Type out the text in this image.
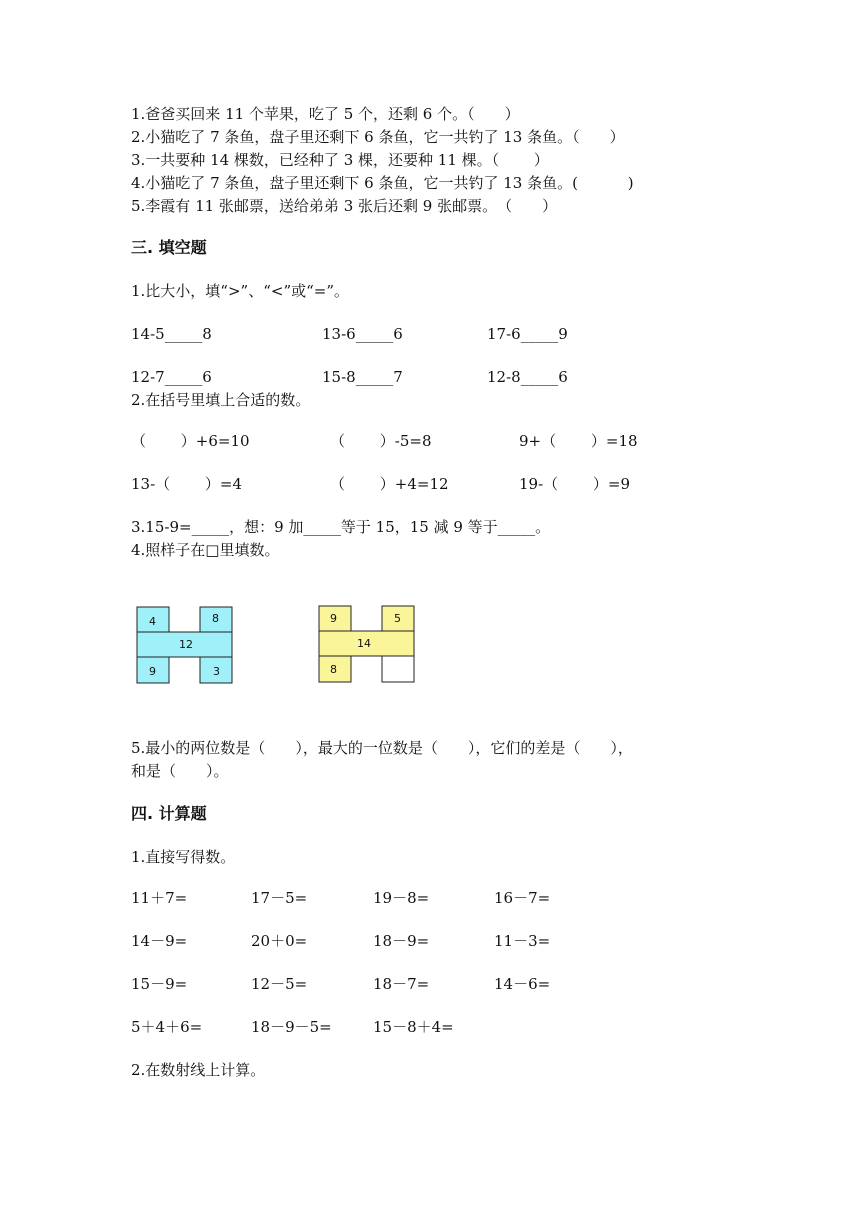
1.爸爸买回来 11 个苹果，吃了 5 个，还剩 6 个。（　　）
2.小猫吃了 7 条鱼，盘子里还剩下 6 条鱼，它一共钓了 13 条鱼。（　　）
3.一共要种 14 棵数，已经种了 3 棵，还要种 11 棵。（　　 ）
4.小猫吃了 7 条鱼，盘子里还剩下 6 条鱼，它一共钓了 13 条鱼。(　　 　)
5.李霞有 11 张邮票，送给弟弟 3 张后还剩 9 张邮票。　（　　）
三. 填空题
1.比大小，填“>”、“<”或“=”。
14-5_____8	13-6_____6	17-6_____9
12-7_____6	15-8_____7	12-8_____6
2.在括号里填上合适的数。
（　　 ）+6=10	（　　 ）-5=8	9+（　　 ）=18
13-（　　 ）=4	（　　 ）+4=12	19-（　　 ）=9
3.15-9=_____，想：9 加_____等于 15，15 减 9 等于_____。
4.照样子在□里填数。
4	8
12
9	3
9	5
14
8
5.最小的两位数是（　　），最大的一位数是（　　），它们的差是（　　），
和是（　　）。
四. 计算题
1.直接写得数。
11＋7=	17－5=	19－8=	16－7=
14－9=	20＋0=	18－9=	11－3=
15－9=	12－5=	18－7=	14－6=
5＋4＋6=	18－9－5=	15－8＋4=
2.在数射线上计算。
